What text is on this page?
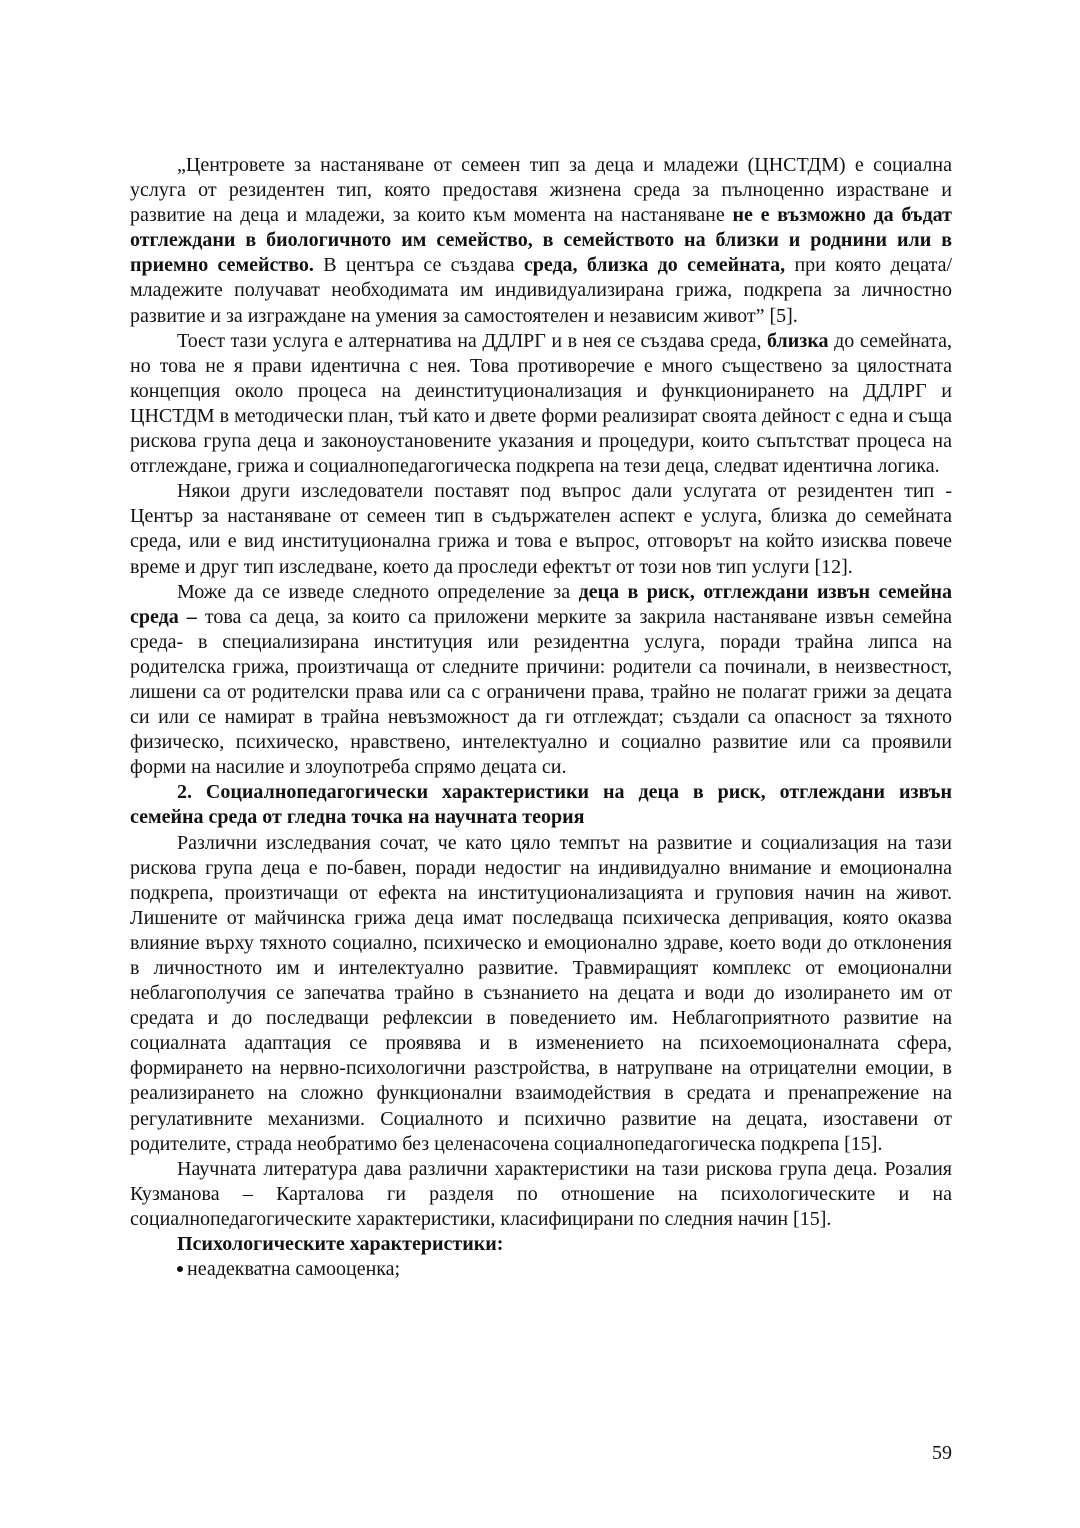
„Центровете за настаняване от семеен тип за деца и младежи (ЦНСТДМ) е социална услуга от резидентен тип, която предоставя жизнена среда за пълноценно израстване и развитие на деца и младежи, за които към момента на настаняване не е възможно да бъдат отглеждани в биологичното им семейство, в семейството на близки и роднини или в приемно семейство. В центъра се създава среда, близка до семейната, при която децата/младежите получават необходимата им индивидуализирана грижа, подкрепа за личностно развитие и за изграждане на умения за самостоятелен и независим живот” [5].

Тоест тази услуга е алтернатива на ДДЛРГ и в нея се създава среда, близка до семейната, но това не я прави идентична с нея. Това противоречие е много съществено за цялостната концепция около процеса на деинституционализация и функционирането на ДДЛРГ и ЦНСТДМ в методически план, тъй като и двете форми реализират своята дейност с една и съща рискова група деца и законоустановените указания и процедури, които съпътстват процеса на отглеждане, грижа и социалнопедагогическа подкрепа на тези деца, следват идентична логика.

Някои други изследователи поставят под въпрос дали услугата от резидентен тип - Център за настаняване от семеен тип в съдържателен аспект е услуга, близка до семейната среда, или е вид институционална грижа и това е въпрос, отговорът на който изисква повече време и друг тип изследване, което да проследи ефектът от този нов тип услуги [12].

Може да се изведе следното определение за деца в риск, отглеждани извън семейна среда – това са деца, за които са приложени мерките за закрила настаняване извън семейна среда- в специализирана институция или резидентна услуга, поради трайна липса на родителска грижа, произтичаща от следните причини: родители са починали, в неизвестност, лишени са от родителски права или са с ограничени права, трайно не полагат грижи за децата си или се намират в трайна невъзможност да ги отглеждат; създали са опасност за тяхното физическо, психическо, нравствено, интелектуално и социално развитие или са проявили форми на насилие и злоупотреба спрямо децата си.

2. Социалнопедагогически характеристики на деца в риск, отглеждани извън семейна среда от гледна точка на научната теория

Различни изследвания сочат, че като цяло темпът на развитие и социализация на тази рискова група деца е по-бавен, поради недостиг на индивидуално внимание и емоционална подкрепа, произтичащи от ефекта на институционализацията и груповия начин на живот. Лишените от майчинска грижа деца имат последваща психическа депривация, която оказва влияние върху тяхното социално, психическо и емоционално здраве, което води до отклонения в личностното им и интелектуално развитие. Травмиращият комплекс от емоционални неблагополучия се запечатва трайно в съзнанието на децата и води до изолирането им от средата и до последващи рефлексии в поведението им. Неблагоприятното развитие на социалната адаптация се проявява и в изменението на психоемоционалната сфера, формирането на нервно-психологични разстройства, в натрупване на отрицателни емоции, в реализирането на сложно функционални взаимодействия в средата и пренапрежение на регулативните механизми. Социалното и психично развитие на децата, изоставени от родителите, страда необратимо без целенасочена социалнопедагогическа подкрепа [15].

Научната литература дава различни характеристики на тази рискова група деца. Розалия Кузманова – Карталова ги разделя по отношение на психологическите и на социалнопедагогическите характеристики, класифицирани по следния начин [15].

Психологическите характеристики:

неадекватна самооценка;

59
